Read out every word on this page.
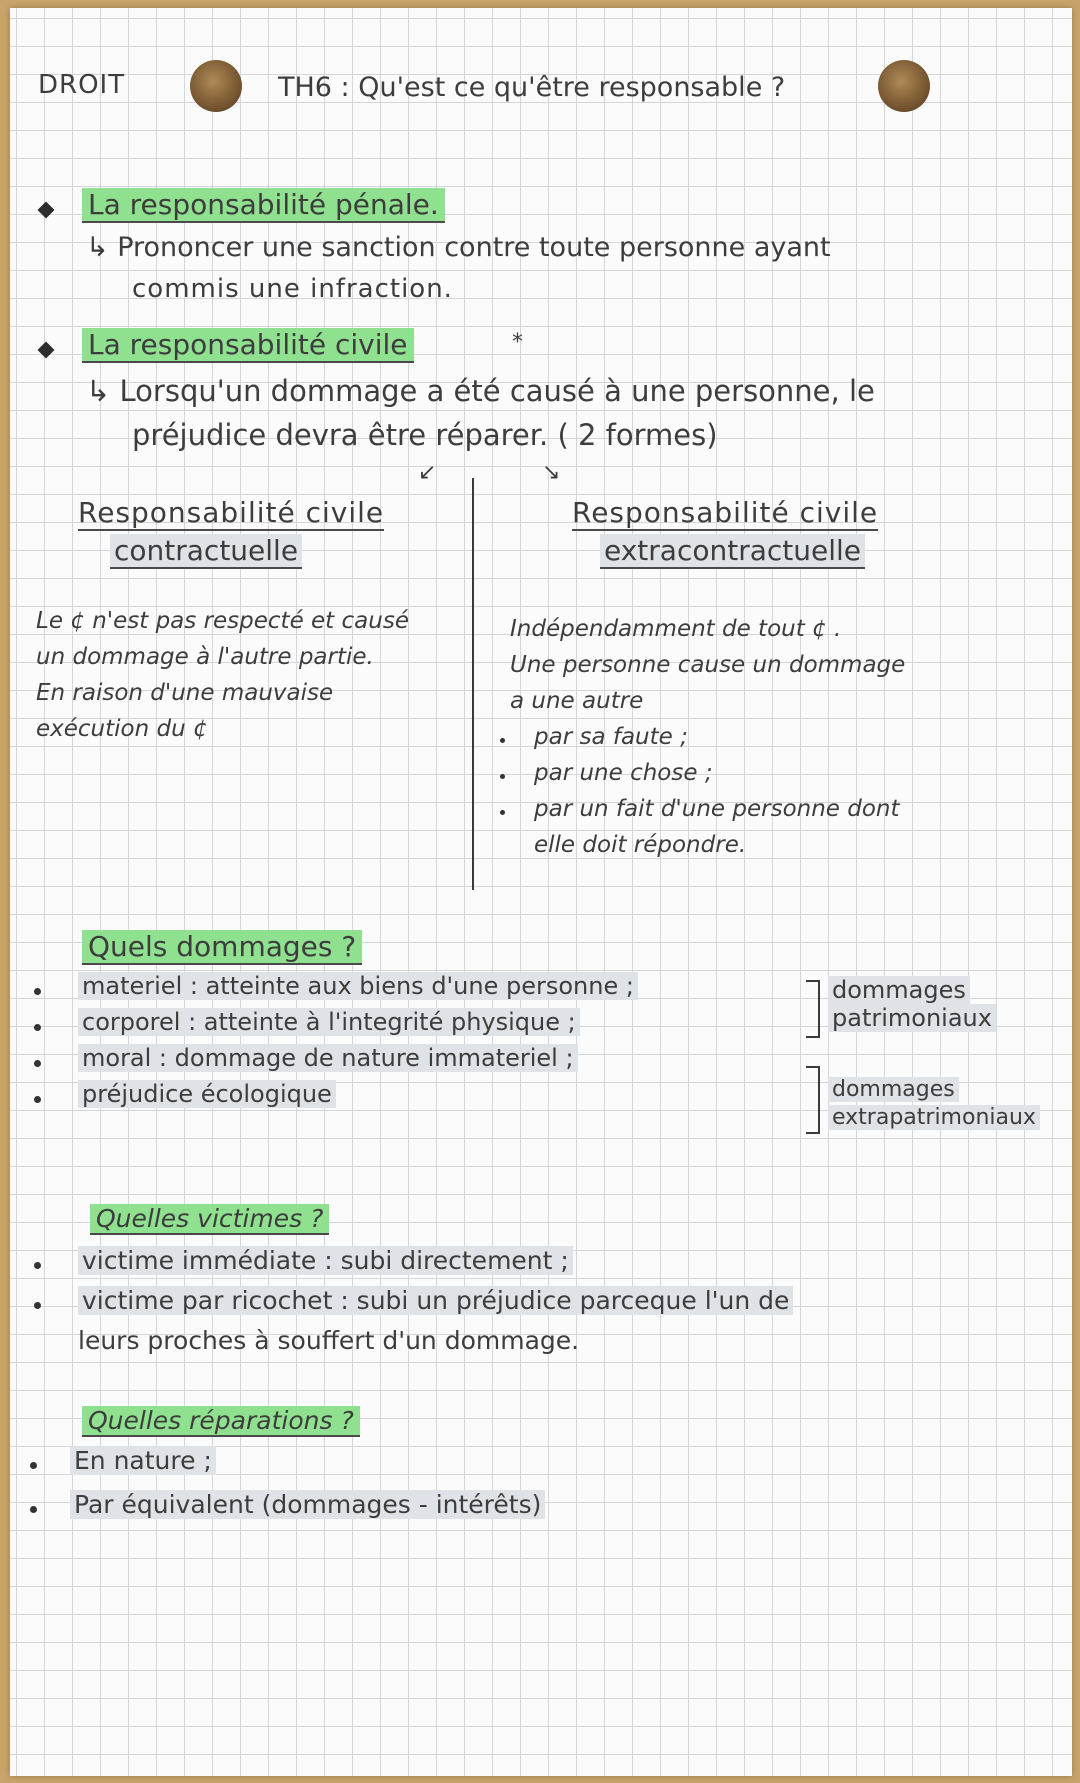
DROIT	TH6 : Qu'est ce qu'être responsable ?
La responsabilité pénale.
↳ Prononcer une sanction contre toute personne ayant
commis une infraction.
La responsabilité civile	*
↳ Lorsqu'un dommage a été causé à une personne, le
préjudice devra être réparer. ( 2 formes)
↙	↘
Responsabilité civile
contractuelle
Responsabilité civile
extracontractuelle
Le ¢ n'est pas respecté et causé
un dommage à l'autre partie.
En raison d'une mauvaise
exécution du ¢
Indépendamment de tout ¢ .
Une personne cause un dommage
a une autre
par sa faute ;
par une chose ;
par un fait d'une personne dont
elle doit répondre.
Quels dommages ?
materiel : atteinte aux biens d'une personne ;
corporel : atteinte à l'integrité physique ;
moral : dommage de nature immateriel ;
préjudice écologique
dommages
patrimoniaux
dommages
extrapatrimoniaux
Quelles victimes ?
victime immédiate : subi directement ;
victime par ricochet : subi un préjudice parceque l'un de
leurs proches à souffert d'un dommage.
Quelles réparations ?
En nature ;
Par équivalent (dommages - intérêts)
